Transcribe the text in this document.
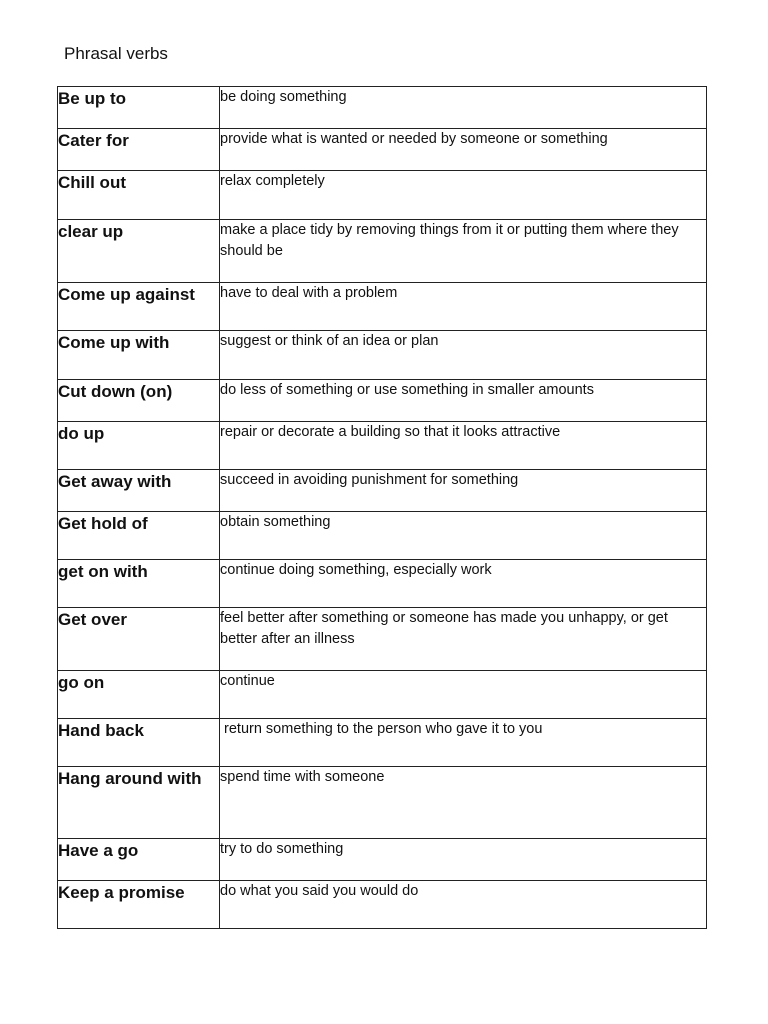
Phrasal verbs
Be up to	be doing something
Cater for	provide what is wanted or needed by someone or something
Chill out	relax completely
clear up	make a place tidy by removing things from it or putting them where they should be
Come up against	have to deal with a problem
Come up with	suggest or think of an idea or plan
Cut down (on)	do less of something or use something in smaller amounts
do up	repair or decorate a building so that it looks attractive
Get away with	succeed in avoiding punishment for something
Get hold of	obtain something
get on with	continue doing something, especially work
Get over	feel better after something or someone has made you unhappy, or get better after an illness
go on	continue
Hand back	return something to the person who gave it to you
Hang around with	spend time with someone
Have a go	try to do something
Keep a promise	do what you said you would do
